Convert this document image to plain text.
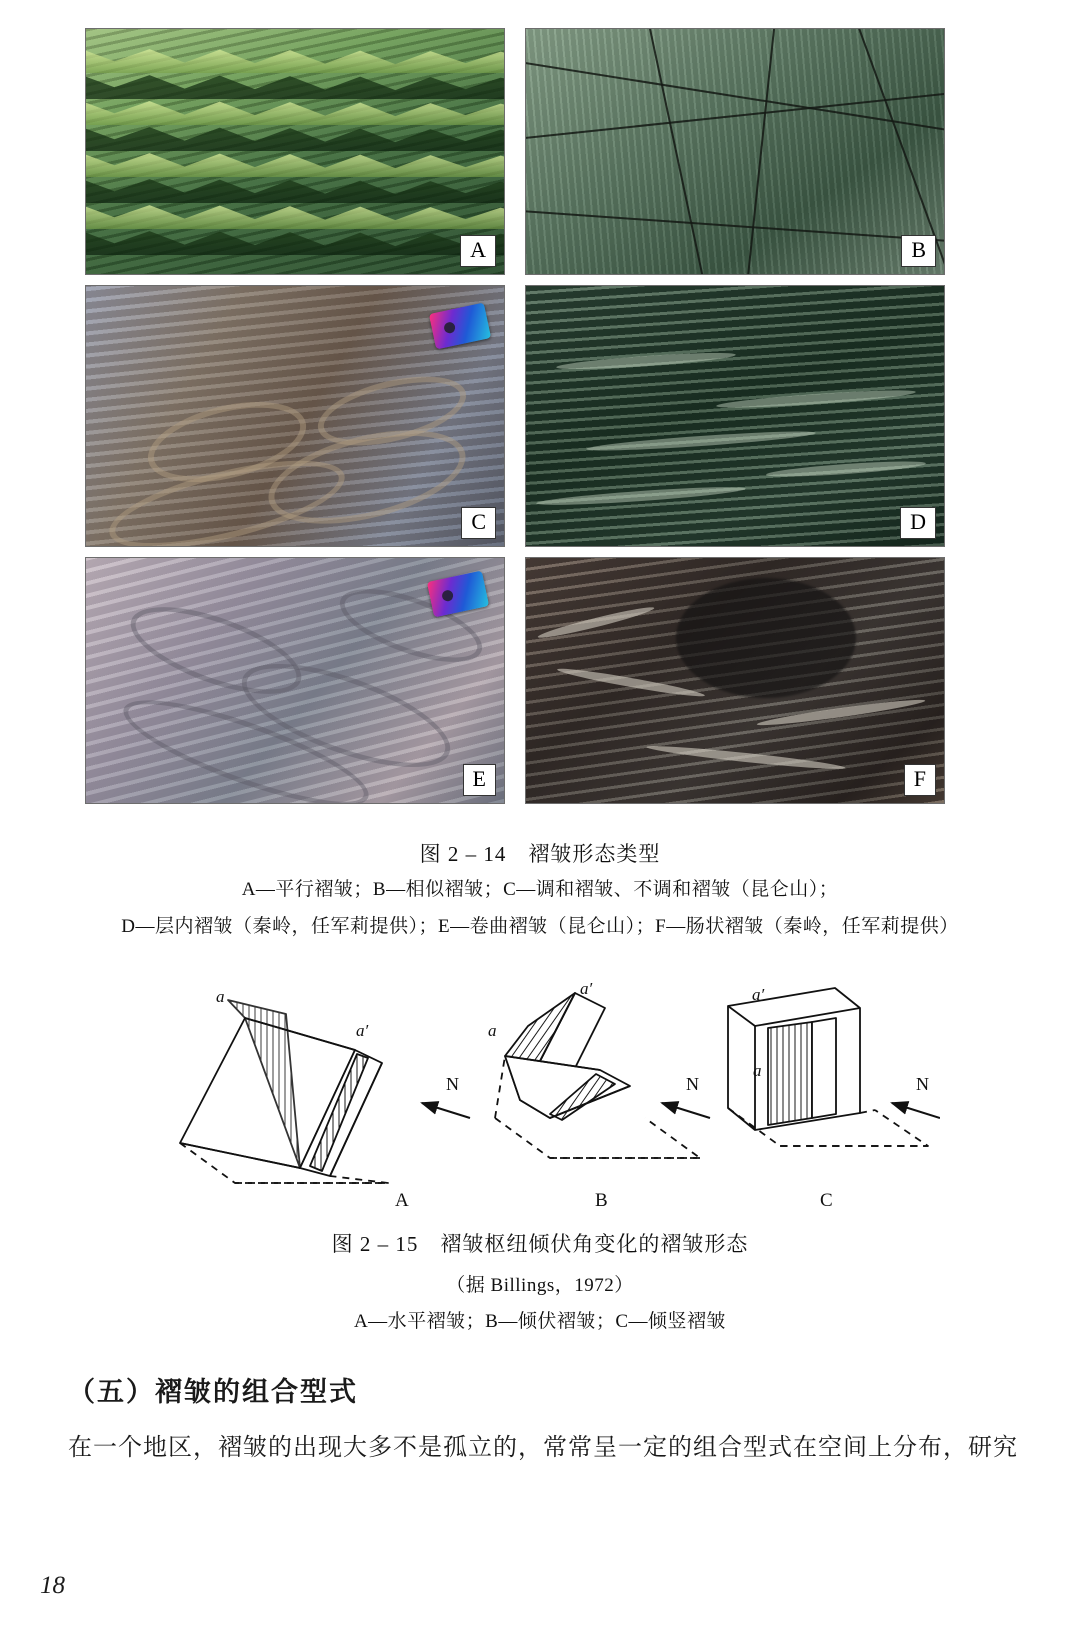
A	B
C	D
E	F
图 2 – 14　褶皱形态类型
A—平行褶皱；B—相似褶皱；C—调和褶皱、不调和褶皱（昆仑山）；
D—层内褶皱（秦岭，任军莉提供）；E—卷曲褶皱（昆仑山）；F—肠状褶皱（秦岭，任军莉提供）
a
a′
N
A
a
a′
N
B
a
a′
N
C
图 2 – 15　褶皱枢纽倾伏角变化的褶皱形态
（据 Billings，1972）
A—水平褶皱；B—倾伏褶皱；C—倾竖褶皱
（五）褶皱的组合型式
在一个地区，褶皱的出现大多不是孤立的，常常呈一定的组合型式在空间上分布，研究
18
